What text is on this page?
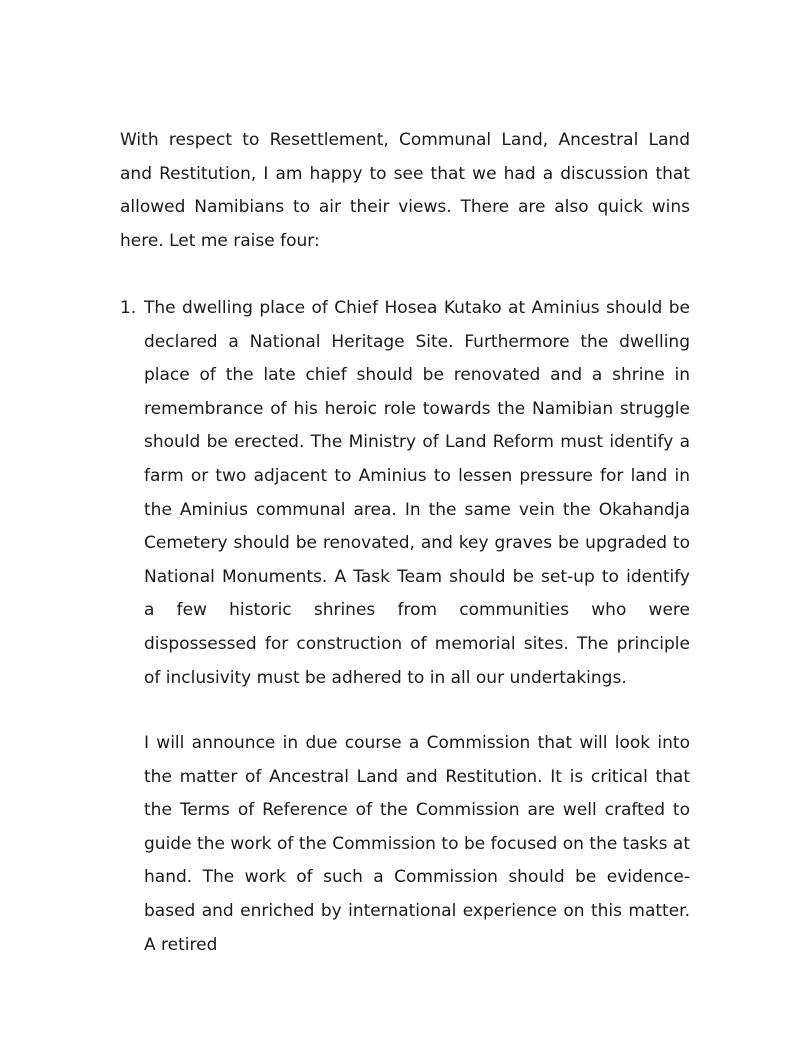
With respect to Resettlement, Communal Land, Ancestral Land and Restitution, I am happy to see that we had a discussion that allowed Namibians to air their views. There are also quick wins here. Let me raise four:

1. The dwelling place of Chief Hosea Kutako at Aminius should be declared a National Heritage Site. Furthermore the dwelling place of the late chief should be renovated and a shrine in remembrance of his heroic role towards the Namibian struggle should be erected. The Ministry of Land Reform must identify a farm or two adjacent to Aminius to lessen pressure for land in the Aminius communal area. In the same vein the Okahandja Cemetery should be renovated, and key graves be upgraded to National Monuments. A Task Team should be set-up to identify a few historic shrines from communities who were dispossessed for construction of memorial sites. The principle of inclusivity must be adhered to in all our undertakings.

I will announce in due course a Commission that will look into the matter of Ancestral Land and Restitution. It is critical that the Terms of Reference of the Commission are well crafted to guide the work of the Commission to be focused on the tasks at hand. The work of such a Commission should be evidence-based and enriched by international experience on this matter. A retired
